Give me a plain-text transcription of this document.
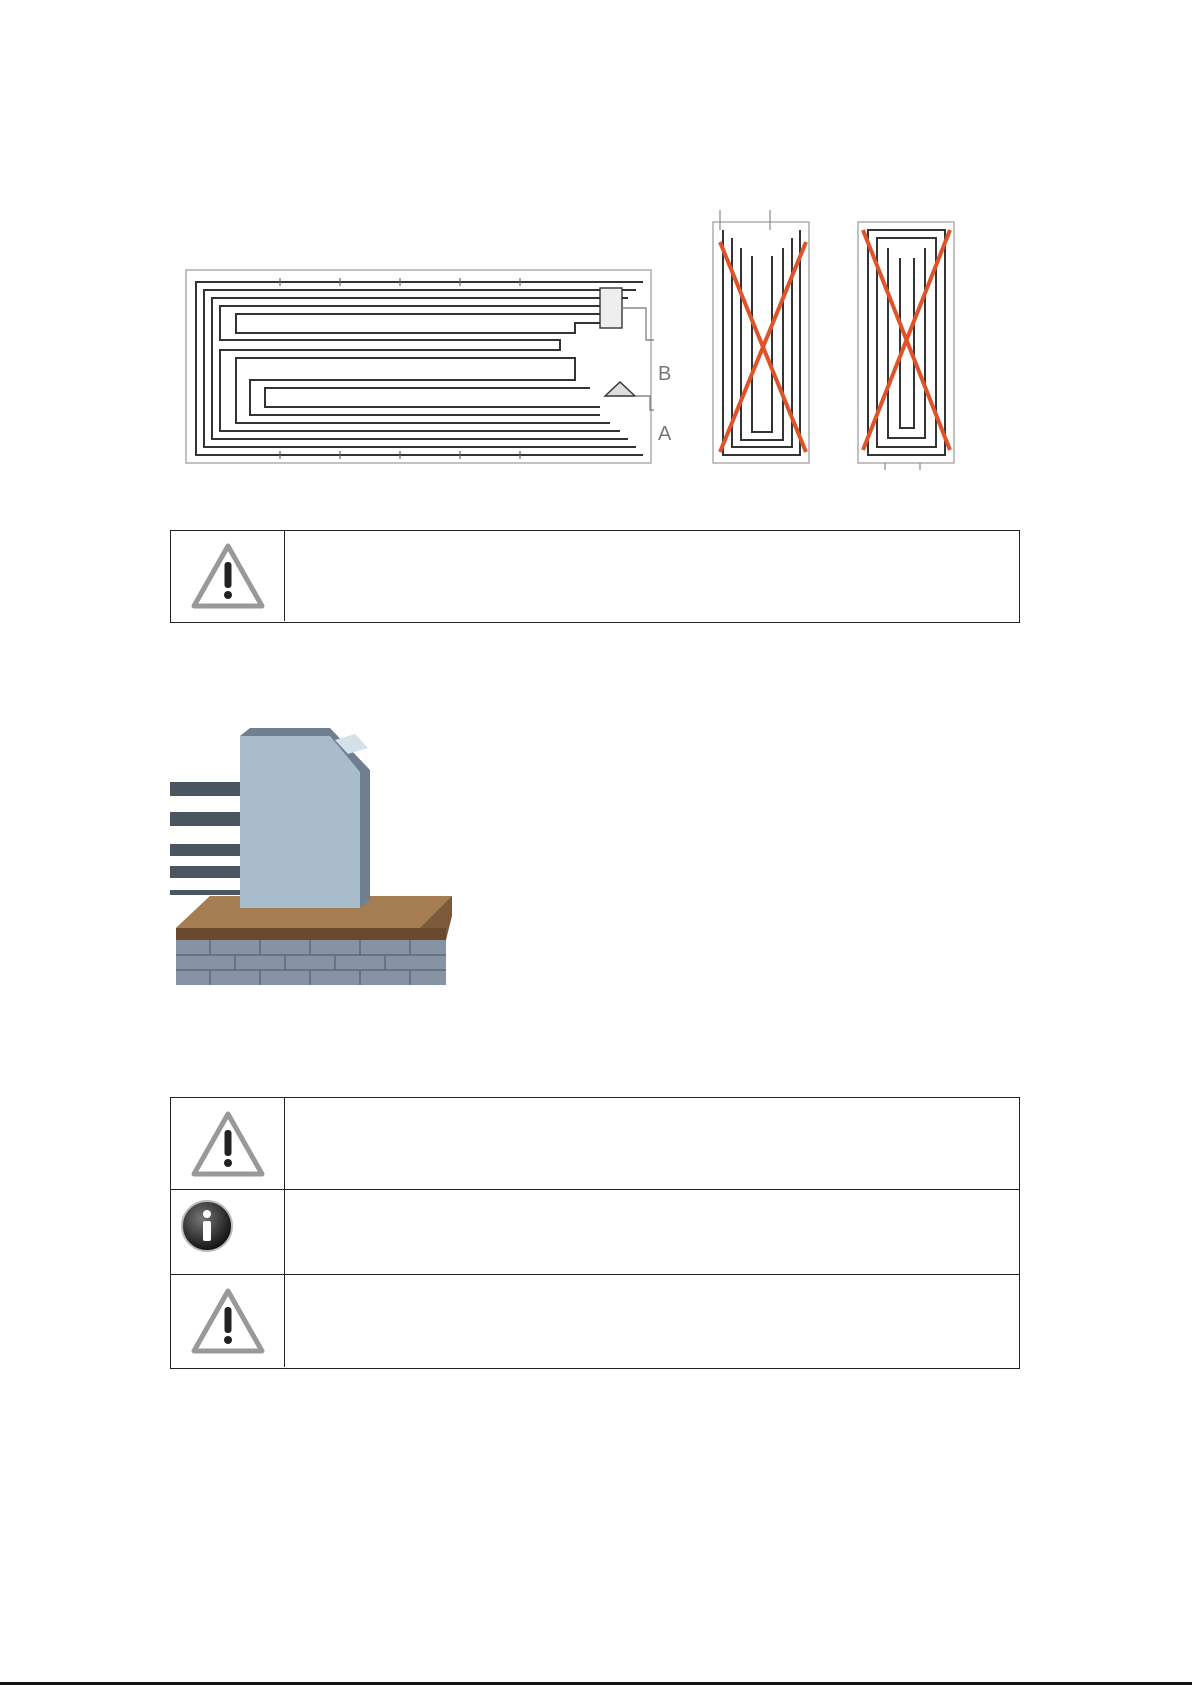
B
A
